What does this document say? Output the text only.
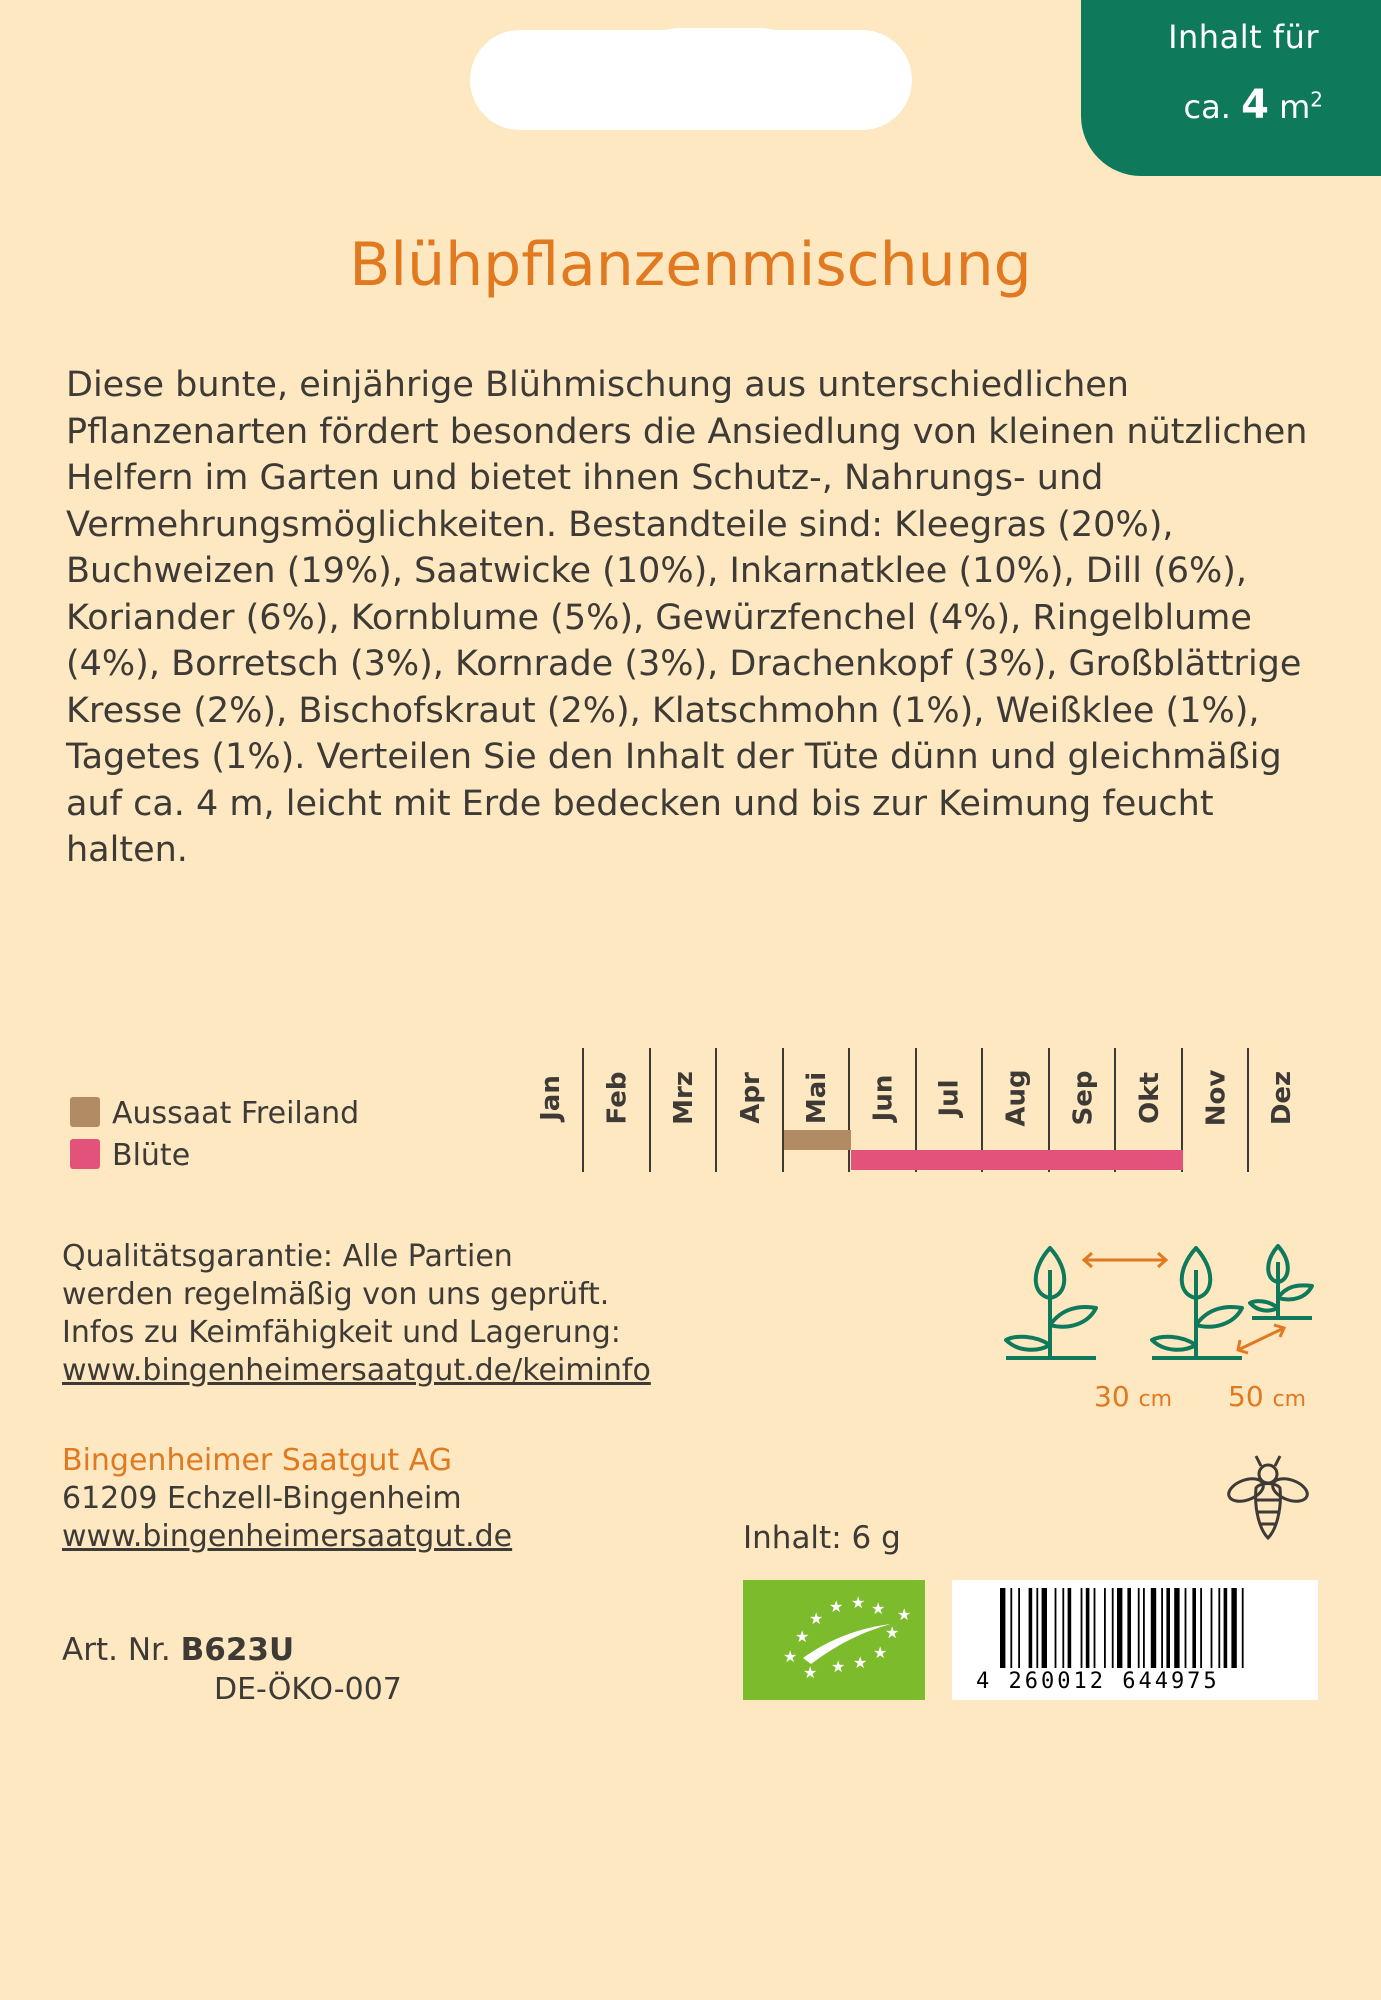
Inhalt für
ca. 4 $m^2$
Blühpflanzenmischung
Diese bunte, einjährige Blühmischung aus unterschiedlichen Pflanzenarten fördert besonders die Ansiedlung von kleinen nützlichen Helfern im Garten und bietet ihnen Schutz-, Nahrungs- und Vermehrungsmöglichkeiten. Bestandteile sind: Kleegras (20%), Buchweizen (19%), Saatwicke (10%), Inkarnatklee (10%), Dill (6%), Koriander (6%), Kornblume (5%), Gewürzfenchel (4%), Ringelblume (4%), Borretsch (3%), Kornrade (3%), Drachenkopf (3%), Großblättrige Kresse (2%), Bischofskraut (2%), Klatschmohn (1%), Weißklee (1%), Tagetes (1%). Verteilen Sie den Inhalt der Tüte dünn und gleichmäßig auf ca. 4 m, leicht mit Erde bedecken und bis zur Keimung feucht halten.
Aussaat Freiland
Blüte
Jan Feb Mrz Apr Mai Jun Jul Aug Sep Okt Nov Dez
Qualitätsgarantie: Alle Partien
werden regelmäßig von uns geprüft.
Infos zu Keimfähigkeit und Lagerung:
www.bingenheimersaatgut.de/keiminfo
30 cm 50 cm
Bingenheimer Saatgut AG
61209 Echzell-Bingenheim
www.bingenheimersaatgut.de
Art. Nr. B623U
DE-ÖKO-007
Inhalt: 6 g
★
★
★ ★ ★
★
★
★
★
★
★
★
4 260012 644975
